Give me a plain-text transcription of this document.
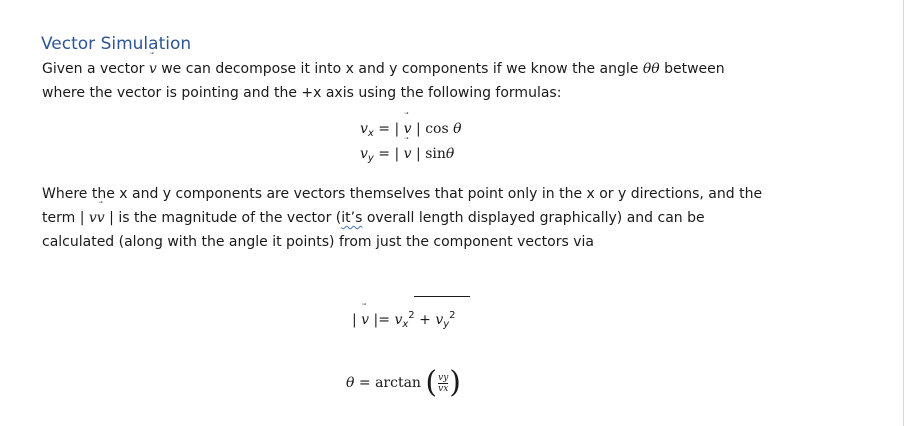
Vector Simulation
Given a vector v
we can decompose it into x and y components if we know the angle θθ between
where the vector is pointing and the +x axis using the following formulas:
$v_x$ = | v | cos θ
$v_y$ = | v | sinθ
Where the x and y components are vectors themselves that point only in the x or y directions, and the
term | vv
| is the magnitude of the vector (it’s overall length displayed graphically) and can be
calculated (along with the angle it points) from just the component vectors via
| v |= $v_x^2 + v_y^2$
θ = arctan ( $\frac{vy}{vx}$ )
